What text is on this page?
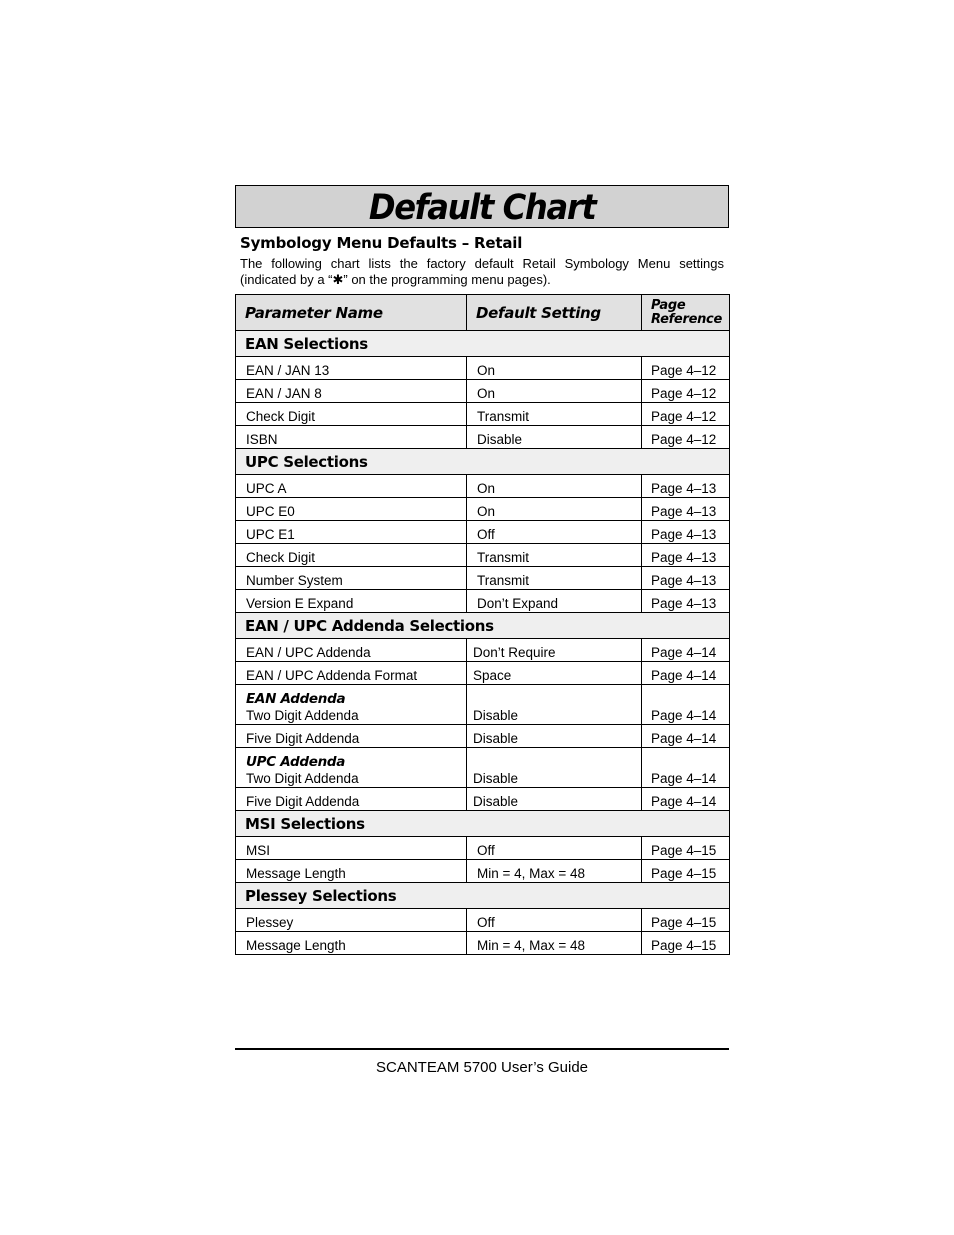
Default Chart
Symbology Menu Defaults – Retail
The following chart lists the factory default Retail Symbology Menu settings (indicated by a “✱” on the programming menu pages).
Parameter Name	Default Setting	Page
Reference
EAN Selections		
EAN / JAN 13	On	Page 4–12
EAN / JAN 8	On	Page 4–12
Check Digit	Transmit	Page 4–12
ISBN	Disable	Page 4–12
UPC Selections		
UPC A	On	Page 4–13
UPC E0	On	Page 4–13
UPC E1	Off	Page 4–13
Check Digit	Transmit	Page 4–13
Number System	Transmit	Page 4–13
Version E Expand	Don’t Expand	Page 4–13
EAN / UPC Addenda Selections		
EAN / UPC Addenda	Don’t Require	Page 4–14
EAN / UPC Addenda Format	Space	Page 4–14

EAN Addenda
Two Digit Addenda	Disable	Page 4–14
Five Digit Addenda	Disable	Page 4–14

UPC Addenda
Two Digit Addenda	Disable	Page 4–14
Five Digit Addenda	Disable	Page 4–14
MSI Selections		
MSI	Off	Page 4–15
Message Length	Min = 4, Max = 48	Page 4–15
Plessey Selections		
Plessey	Off	Page 4–15
Message Length	Min = 4, Max = 48	Page 4–15
SCANTEAM 5700 User’s Guide
